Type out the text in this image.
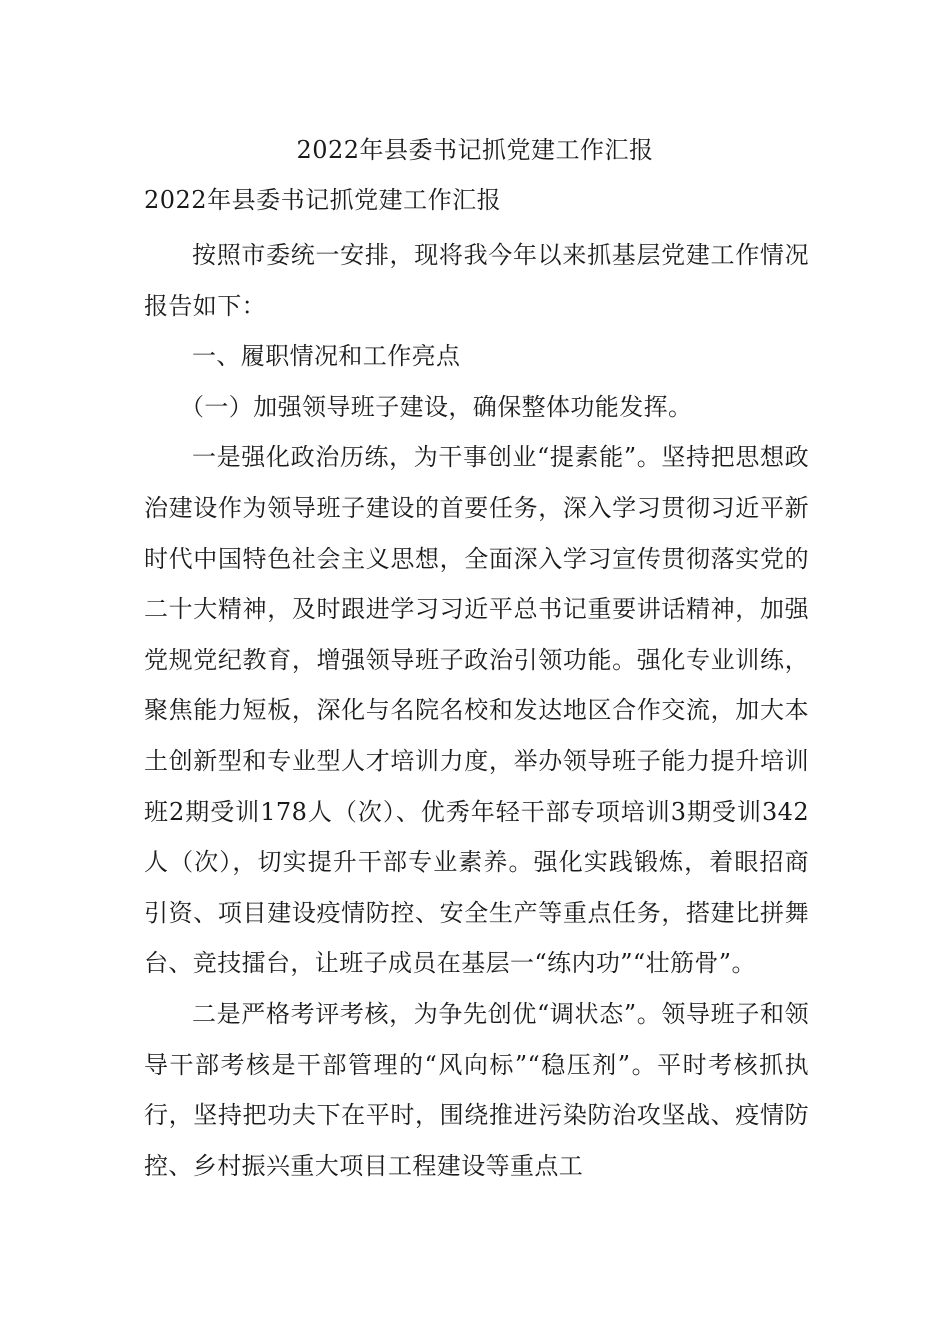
2022年县委书记抓党建工作汇报
2022年县委书记抓党建工作汇报

按照市委统一安排，现将我今年以来抓基层党建工作情况报告如下：

一、履职情况和工作亮点

（一）加强领导班子建设，确保整体功能发挥。

一是强化政治历练，为干事创业“提素能”。坚持把思想政治建设作为领导班子建设的首要任务，深入学习贯彻习近平新时代中国特色社会主义思想，全面深入学习宣传贯彻落实党的二十大精神，及时跟进学习习近平总书记重要讲话精神，加强党规党纪教育，增强领导班子政治引领功能。强化专业训练，聚焦能力短板，深化与名院名校和发达地区合作交流，加大本土创新型和专业型人才培训力度，举办领导班子能力提升培训班2期受训178人（次）、优秀年轻干部专项培训3期受训342人（次），切实提升干部专业素养。强化实践锻炼，着眼招商引资、项目建设疫情防控、安全生产等重点任务，搭建比拼舞台、竞技擂台，让班子成员在基层一“练内功”“壮筋骨”。

二是严格考评考核，为争先创优“调状态”。领导班子和领导干部考核是干部管理的“风向标”“稳压剂”。平时考核抓执行，坚持把功夫下在平时，围绕推进污染防治攻坚战、疫情防控、乡村振兴重大项目工程建设等重点工
